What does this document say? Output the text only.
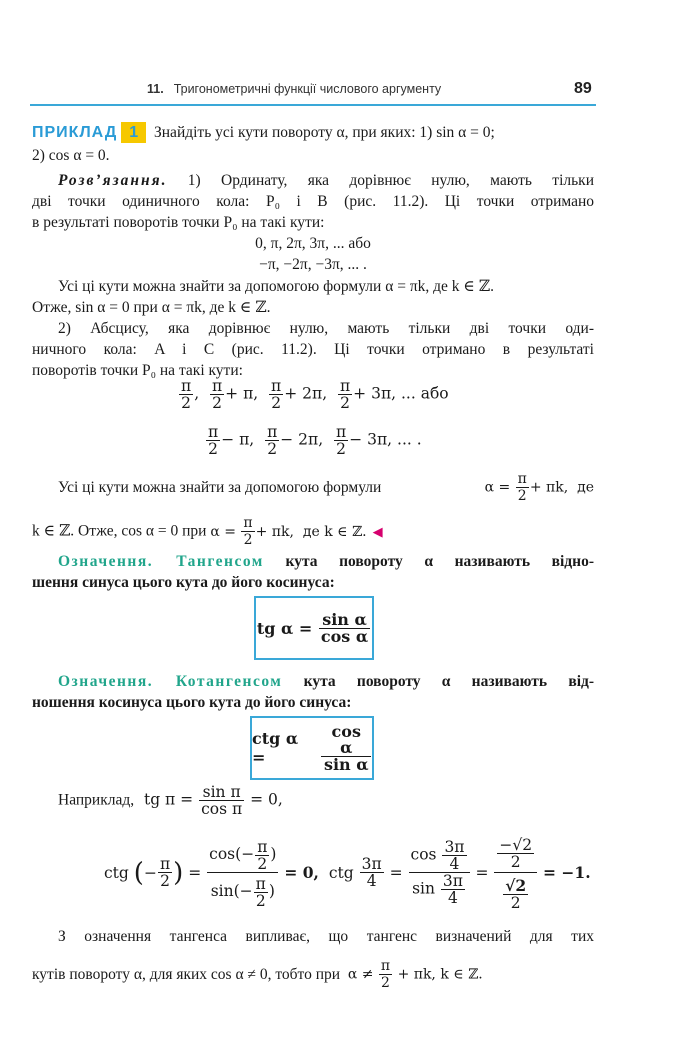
11. Тригонометричні функції числового аргументу	89
ПРИКЛАД 1 Знайдіть усі кути повороту α, при яких: 1) sin α = 0;
2) cos α = 0.
Розв’язання. 1) Ординату, яка дорівнює нулю, мають тільки
дві точки одиничного кола: P₀ і B (рис. 11.2). Ці точки отримано
в результаті поворотів точки P₀ на такі кути:
0, π, 2π, 3π, ... або
−π, −2π, −3π, ... .
Усі ці кути можна знайти за допомогою формули α = πk, де k ∈ ℤ.
Отже, sin α = 0 при α = πk, де k ∈ ℤ.
2) Абсцису, яка дорівнює нулю, мають тільки дві точки оди-
ничного кола: A і C (рис. 11.2). Ці точки отримано в результаті
поворотів точки P₀ на такі кути:
$\frac{\pi}{2}$ , $\frac{\pi}{2} + \pi$, $\frac{\pi}{2} + 2\pi$, $\frac{\pi}{2} + 3\pi$, ... або
$\frac{\pi}{2} - \pi$, $\frac{\pi}{2} - 2\pi$, $\frac{\pi}{2} - 3\pi$, ... .
Усі ці кути можна знайти за допомогою формули	$\alpha = \frac{\pi}{2} + \pi k$, де
k ∈ ℤ. Отже, cos α = 0 при $\alpha = \frac{\pi}{2} + \pi k$, де k ∈ ℤ. ◀
Означення. Тангенсом кута повороту α називають відно-
шення синуса цього кута до його косинуса:
tg α =
$\frac{\text{sin α}}{\text{cos α}}$
Означення. Котангенсом кута повороту α називають від-
ношення косинуса цього кута до його синуса:
ctg α =
	$\frac{\text{cos α}}{\text{sin α}}$
Наприклад, tg $\pi = \frac{\text{sin π}}{\text{cos π}} = 0$,
ctg
( − $\frac{\pi}{2}$ )
=
$\frac{\cos(- \frac{\pi}{2} )}{\sin(- \frac{\pi}{2} )}$
= 0,
ctg
$\frac{3\pi}{4}$
=
$\frac{\cos \frac{3\pi}{4}}{\sin \frac{3\pi}{4}}$
=
$\frac{\frac{-√2}{2}}{\frac{√2}{2}}$
= −1.
З означення тангенса випливає, що тангенс визначений для тих
кутів повороту α, для яких cos α ≠ 0, тобто при
$\alpha \ne \frac{\pi}{2} + \pi k$, k ∈ ℤ.
